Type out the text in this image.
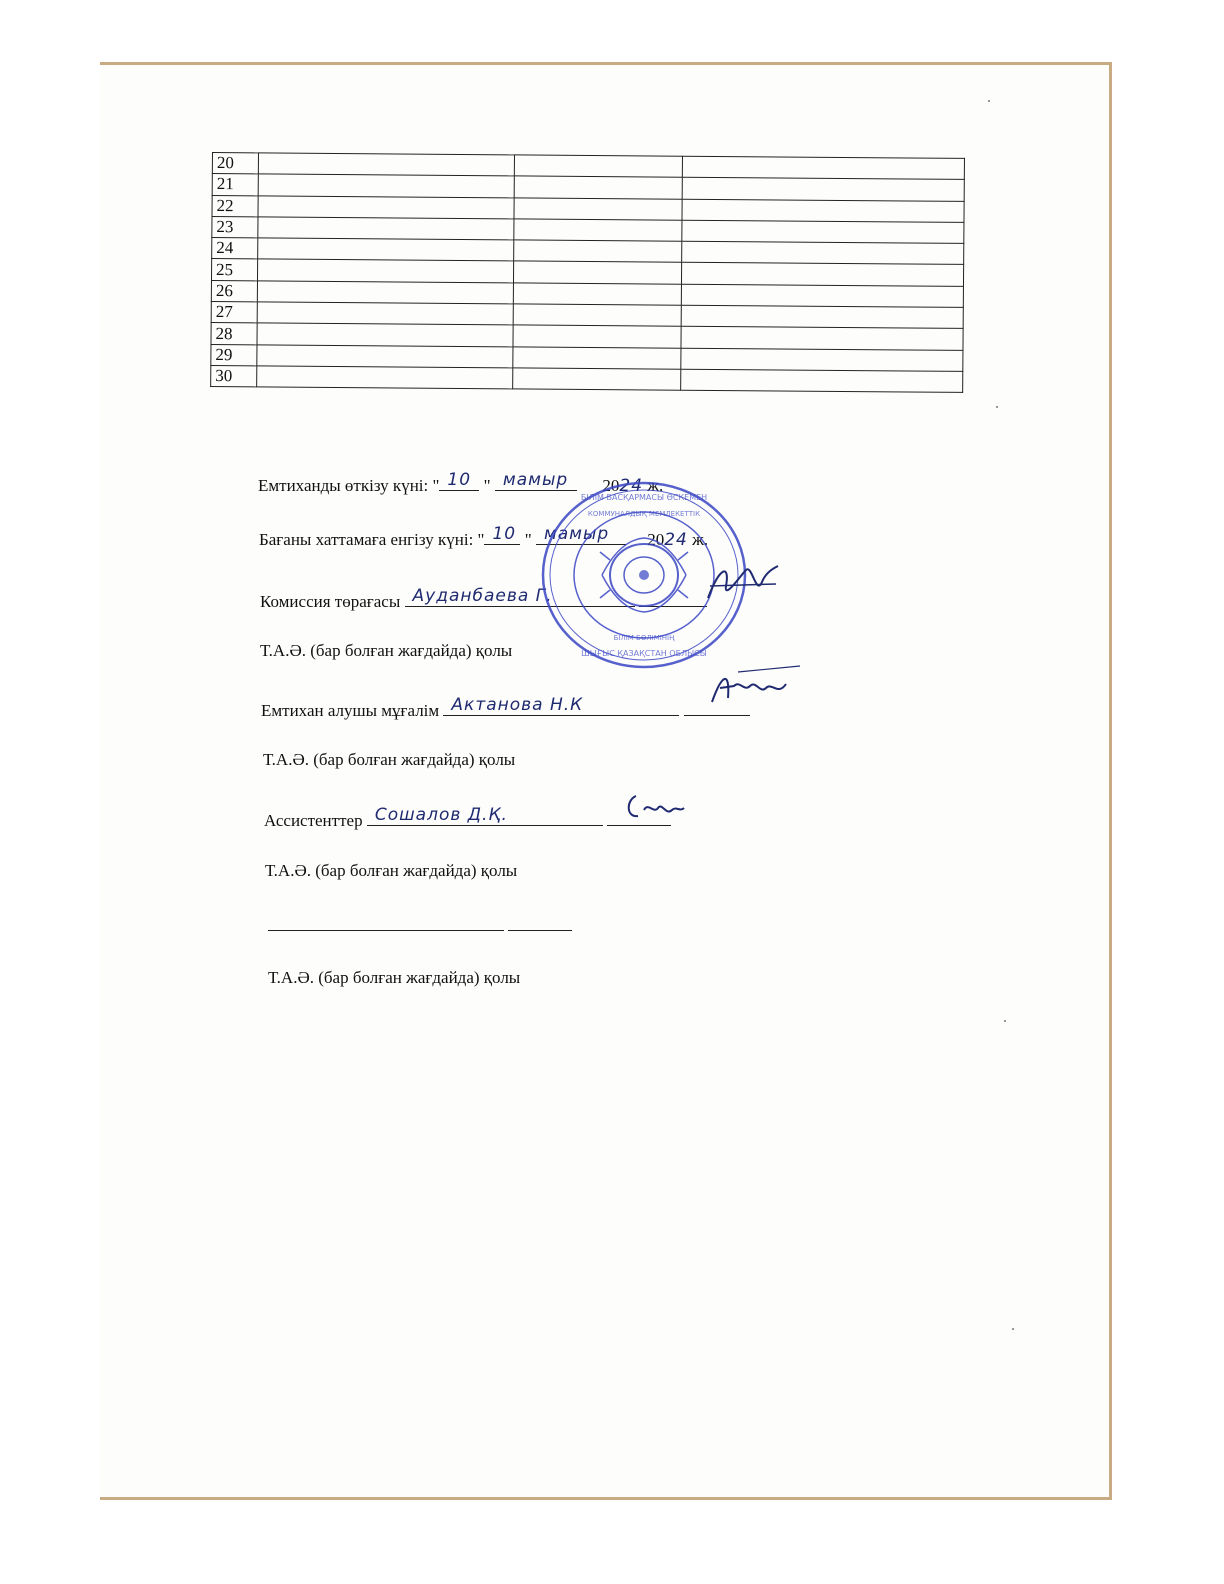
20			
21			
22			
23			
24			
25			
26			
27			
28			
29			
30			
Емтиханды өткізу күні: " 10 " мамыр 2024 ж.
Бағаны хаттамаға енгізу күні: " 10 " мамыр 2024 ж.
Комиссия төрағасы Ауданбаева Г.

Т.А.Ә. (бар болған жағдайда) қолы
Емтихан алушы мұғалім Актанова Н.К

Т.А.Ә. (бар болған жағдайда) қолы
Ассистенттер Сошалов Д.Қ.

Т.А.Ә. (бар болған жағдайда) қолы

Т.А.Ә. (бар болған жағдайда) қолы
БІЛІМ БАСҚАРМАСЫ ӨСКЕМЕН
ШЫҒЫС ҚАЗАҚСТАН ОБЛЫСЫ
КОММУНАЛДЫҚ МЕМЛЕКЕТТІК
БІЛІМ БӨЛІМІНІҢ
